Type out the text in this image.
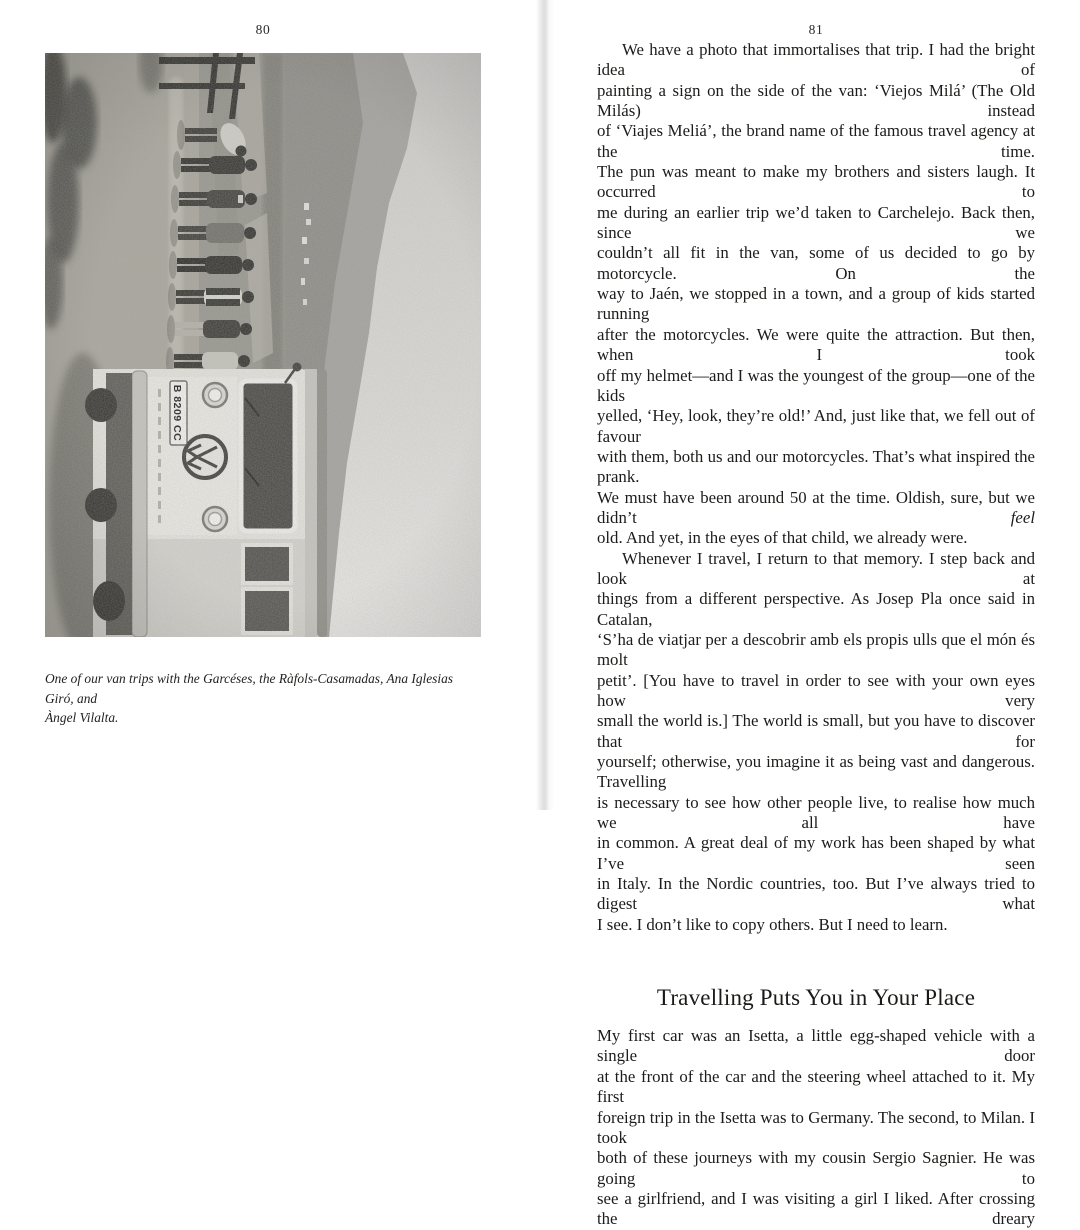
80
One of our van trips with the Garcéses, the Ràfols-Casamadas, Ana Iglesias Giró, and
Àngel Vilalta.
81
We have a photo that immortalises that trip. I had the bright idea of
painting a sign on the side of the van: ‘Viejos Milá’ (The Old Milás) instead
of ‘Viajes Meliá’, the brand name of the famous travel agency at the time.
The pun was meant to make my brothers and sisters laugh. It occurred to
me during an earlier trip we’d taken to Carchelejo. Back then, since we
couldn’t all fit in the van, some of us decided to go by motorcycle. On the
way to Jaén, we stopped in a town, and a group of kids started running
after the motorcycles. We were quite the attraction. But then, when I took
off my helmet—and I was the youngest of the group—one of the kids
yelled, ‘Hey, look, they’re old!’ And, just like that, we fell out of favour
with them, both us and our motorcycles. That’s what inspired the prank.
We must have been around 50 at the time. Oldish, sure, but we didn’t feel
old. And yet, in the eyes of that child, we already were.
Whenever I travel, I return to that memory. I step back and look at
things from a different perspective. As Josep Pla once said in Catalan,
‘S’ha de viatjar per a descobrir amb els propis ulls que el món és molt
petit’. [You have to travel in order to see with your own eyes how very
small the world is.] The world is small, but you have to discover that for
yourself; otherwise, you imagine it as being vast and dangerous. Travelling
is necessary to see how other people live, to realise how much we all have
in common. A great deal of my work has been shaped by what I’ve seen
in Italy. In the Nordic countries, too. But I’ve always tried to digest what
I see. I don’t like to copy others. But I need to learn.
Travelling Puts You in Your Place
My first car was an Isetta, a little egg-shaped vehicle with a single door
at the front of the car and the steering wheel attached to it. My first
foreign trip in the Isetta was to Germany. The second, to Milan. I took
both of these journeys with my cousin Sergio Sagnier. He was going to
see a girlfriend, and I was visiting a girl I liked. After crossing the dreary
